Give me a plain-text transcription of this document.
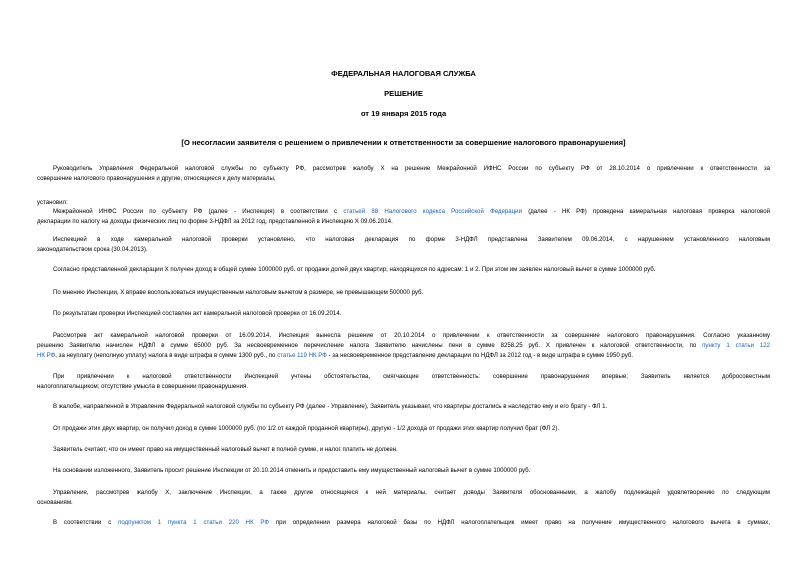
ФЕДЕРАЛЬНАЯ НАЛОГОВАЯ СЛУЖБА
РЕШЕНИЕ
от 19 января 2015 года
[О несогласии заявителя с решением о привлечении к ответственности за совершение налогового правонарушения]
Руководитель Управления Федеральной налоговой службы по субъекту РФ, рассмотрев жалобу X на решение Межрайонной ИФНС России по субъекту РФ от 28.10.2014 о привлечении к ответственности за
совершение налогового правонарушения и другие, относящиеся к делу материалы,
установил:
Межрайонной ИНФС России по субъекту РФ (далее - Инспекция) в соответствии с статьей 88 Налогового кодекса Российской Федерации (далее - НК РФ) проведена камеральная налоговая проверка налоговой
декларации по налогу на доходы физических лиц по форме 3-НДФЛ за 2012 год, представленной в Инспекцию X 09.06.2014.
Инспекцией в ходе камеральной налоговой проверки установлено, что налоговая декларация по форме 3-НДФЛ представлена Заявителем 09.06.2014, с нарушением установленного налоговым
законодательством срока (30.04.2013).
Согласно представленной декларации X получен доход в общей сумме 1000000 руб. от продажи долей двух квартир, находящихся по адресам: 1 и 2. При этом им заявлен налоговый вычет в сумме 1000000 руб.
По мнению Инспекции, X вправе воспользоваться имущественным налоговым вычетом в размере, не превышающем 500000 руб.
По результатам проверки Инспекцией составлен акт камеральной налоговой проверки от 16.09.2014.
Рассмотрев акт камеральной налоговой проверки от 16.09.2014, Инспекция вынесла решение от 20.10.2014 о привлечении к ответственности за совершение налогового правонарушения. Согласно указанному
решению Заявителю начислен НДФЛ в сумме 65000 руб. За несвоевременное перечисление налога Заявителю начислены пени в сумме 8258,25 руб. X привлечен к налоговой ответственности, по пункту 1 статьи 122
НК РФ, за неуплату (неполную уплату) налога в виде штрафа в сумме 1300 руб., по статье 119 НК РФ - за несвоевременное представление декларации по НДФЛ за 2012 год - в виде штрафа в сумме 1950 руб.
При привлечении к налоговой ответственности Инспекцией учтены обстоятельства, смягчающие ответственность: совершение правонарушения впервые; Заявитель является добросовестным
налогоплательщиком; отсутствие умысла в совершении правонарушения.
В жалобе, направленной в Управление Федеральной налоговой службы по субъекту РФ (далее - Управление), Заявитель указывает, что квартиры достались в наследство ему и его брату - ФЛ 1.
От продажи этих двух квартир, он получил доход в сумме 1000000 руб. (по 1/2 от каждой проданной квартиры), другую - 1/2 дохода от продажи этих квартир получил брат (ФЛ 2).
Заявитель считает, что он имеет право на имущественный налоговый вычет в полной сумме, и налог платить не должен.
На основании изложенного, Заявитель просит решение Инспекции от 20.10.2014 отменить и предоставить ему имущественный налоговый вычет в сумме 1000000 руб.
Управление, рассмотрев жалобу X, заключение Инспекции, а также другие относящиеся к ней материалы, считает доводы Заявителя обоснованными, а жалобу подлежащей удовлетворению по следующим
основаниям.
В соответствии с подпунктом 1 пункта 1 статьи 220 НК РФ при определении размера налоговой базы по НДФЛ налогоплательщик имеет право на получение имущественного налогового вычета в суммах,
